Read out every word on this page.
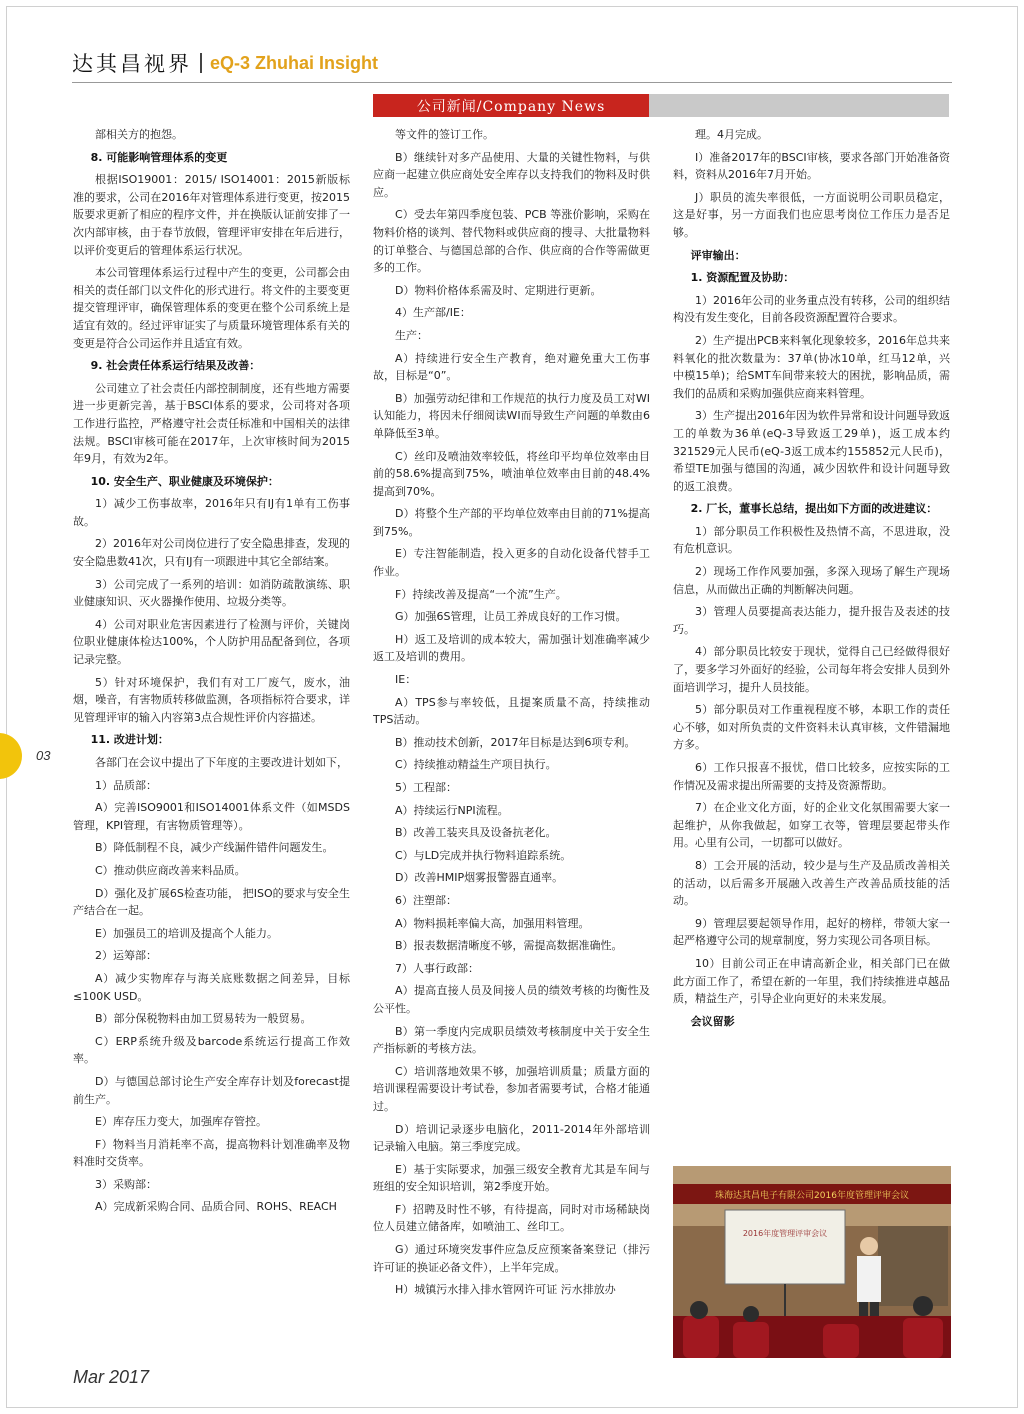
达其昌视界 eQ-3 Zhuhai Insight
公司新闻/Company News

部相关方的抱怨。

8. 可能影响管理体系的变更

根据ISO19001：2015/ ISO14001：2015新版标准的要求，公司在2016年对管理体系进行变更，按2015版要求更新了相应的程序文件，并在换版认证前安排了一次内部审核，由于春节放假，管理评审安排在年后进行，以评价变更后的管理体系运行状况。

本公司管理体系运行过程中产生的变更，公司都会由相关的责任部门以文件化的形式进行。将文件的主要变更提交管理评审，确保管理体系的变更在整个公司系统上是适宜有效的。经过评审证实了与质量环境管理体系有关的变更是符合公司运作并且适宜有效。

9. 社会责任体系运行结果及改善：

公司建立了社会责任内部控制制度，还有些地方需要进一步更新完善，基于BSCI体系的要求，公司将对各项工作进行监控，严格遵守社会责任标准和中国相关的法律法规。BSCI审核可能在2017年，上次审核时间为2015年9月，有效为2年。

10. 安全生产、职业健康及环境保护：

1）减少工伤事故率，2016年只有IJ有1单有工伤事故。

2）2016年对公司岗位进行了安全隐患排查，发现的安全隐患数41次，只有IJ有一项跟进中其它全部结案。

3）公司完成了一系列的培训：如消防疏散演练、职业健康知识、灭火器操作使用、垃圾分类等。

4）公司对职业危害因素进行了检测与评价，关键岗位职业健康体检达100%，个人防护用品配备到位，各项记录完整。

5）针对环境保护，我们有对工厂废气，废水，油烟，噪音，有害物质转移做监测，各项指标符合要求，详见管理评审的输入内容第3点合规性评价内容描述。

11. 改进计划：

各部门在会议中提出了下年度的主要改进计划如下，

1）品质部：

A）完善ISO9001和ISO14001体系文件（如MSDS管理，KPI管理，有害物质管理等）。

B）降低制程不良，减少产线漏件错件问题发生。

C）推动供应商改善来料品质。

D）强化及扩展6S检查功能， 把ISO的要求与安全生产结合在一起。

E）加强员工的培训及提高个人能力。

2）运筹部：

A）减少实物库存与海关底账数据之间差异，目标≤100K USD。

B）部分保税物料由加工贸易转为一般贸易。

C）ERP系统升级及barcode系统运行提高工作效率。

D）与德国总部讨论生产安全库存计划及forecast提前生产。

E）库存压力变大，加强库存管控。

F）物料当月消耗率不高，提高物料计划准确率及物料准时交货率。

3）采购部：

A）完成新采购合同、品质合同、ROHS、REACH

等文件的签订工作。

B）继续针对多产品使用、大量的关键性物料，与供应商一起建立供应商处安全库存以支持我们的物料及时供应。

C）受去年第四季度包装、PCB 等涨价影响，采购在物料价格的谈判、替代物料或供应商的搜寻、大批量物料的订单整合、与德国总部的合作、供应商的合作等需做更多的工作。

D）物料价格体系需及时、定期进行更新。

4）生产部/IE：

生产：

A）持续进行安全生产教育，绝对避免重大工伤事故，目标是“0”。

B）加强劳动纪律和工作规范的执行力度及员工对WI认知能力，将因未仔细阅读WI而导致生产问题的单数由6单降低至3单。

C）丝印及喷油效率较低，将丝印平均单位效率由目前的58.6%提高到75%，喷油单位效率由目前的48.4%提高到70%。

D）将整个生产部的平均单位效率由目前的71%提高到75%。

E）专注智能制造，投入更多的自动化设备代替手工作业。

F）持续改善及提高“一个流”生产。

G）加强6S管理，让员工养成良好的工作习惯。

H）返工及培训的成本较大，需加强计划准确率减少返工及培训的费用。

IE：

A）TPS参与率较低，且提案质量不高，持续推动TPS活动。

B）推动技术创新，2017年目标是达到6项专利。

C）持续推动精益生产项目执行。

5）工程部：

A）持续运行NPI流程。

B）改善工装夹具及设备抗老化。

C）与LD完成并执行物料追踪系统。

D）改善HMIP烟雾报警器直通率。

6）注塑部：

A）物料损耗率偏大高，加强用料管理。

B）报表数据清晰度不够，需提高数据准确性。

7）人事行政部：

A）提高直接人员及间接人员的绩效考核的均衡性及公平性。

B）第一季度内完成职员绩效考核制度中关于安全生产指标新的考核方法。

C）培训落地效果不够，加强培训质量；质量方面的培训课程需要设计考试卷，参加者需要考试，合格才能通过。

D）培训记录逐步电脑化，2011-2014年外部培训记录输入电脑。第三季度完成。

E）基于实际要求，加强三级安全教育尤其是车间与班组的安全知识培训，第2季度开始。

F）招聘及时性不够，有待提高，同时对市场稀缺岗位人员建立储备库，如喷油工、丝印工。

G）通过环境突发事件应急反应预案备案登记（排污许可证的换证必备文件），上半年完成。

H）城镇污水排入排水管网许可证 污水排放办

理。4月完成。

I）准备2017年的BSCI审核，要求各部门开始准备资料，资料从2016年7月开始。

J）职员的流失率很低，一方面说明公司职员稳定，这是好事，另一方面我们也应思考岗位工作压力是否足够。

评审输出：

1. 资源配置及协助：

1）2016年公司的业务重点没有转移，公司的组织结构没有发生变化，目前各段资源配置符合要求。

2）生产提出PCB来料氧化现象较多，2016年总共来料氧化的批次数量为：37单(协冰10单，红马12单，兴中模15单)；给SMT车间带来较大的困扰，影响品质，需我们的品质和采购加强供应商来料管理。

3）生产提出2016年因为软件异常和设计问题导致返工的单数为36单(eQ-3导致返工29单)，返工成本约321529元人民币(eQ-3返工成本约155852元人民币)，希望TE加强与德国的沟通，减少因软件和设计问题导致的返工浪费。

2. 厂长，董事长总结，提出如下方面的改进建议：

1）部分职员工作积极性及热情不高，不思进取，没有危机意识。

2）现场工作作风要加强，多深入现场了解生产现场信息，从而做出正确的判断解决问题。

3）管理人员要提高表达能力，提升报告及表述的技巧。

4）部分职员比较安于现状，觉得自己已经做得很好了，要多学习外面好的经验，公司每年将会安排人员到外面培训学习，提升人员技能。

5）部分职员对工作重视程度不够，本职工作的责任心不够，如对所负责的文件资料未认真审核，文件错漏地方多。

6）工作只报喜不报忧，借口比较多，应按实际的工作情况及需求提出所需要的支持及资源帮助。

7）在企业文化方面，好的企业文化氛围需要大家一起维护，从你我做起，如穿工衣等，管理层要起带头作用。心里有公司，一切都可以做好。

8）工会开展的活动，较少是与生产及品质改善相关的活动，以后需多开展融入改善生产改善品质技能的活动。

9）管理层要起领导作用，起好的榜样，带领大家一起严格遵守公司的规章制度，努力实现公司各项目标。

10）目前公司正在申请高新企业，相关部门已在做此方面工作了，希望在新的一年里，我们持续推进卓越品质，精益生产，引导企业向更好的未来发展。

会议留影

珠海达其昌电子有限公司2016年度管理评审会议
2016年度管理评审会议
03
Mar 2017
